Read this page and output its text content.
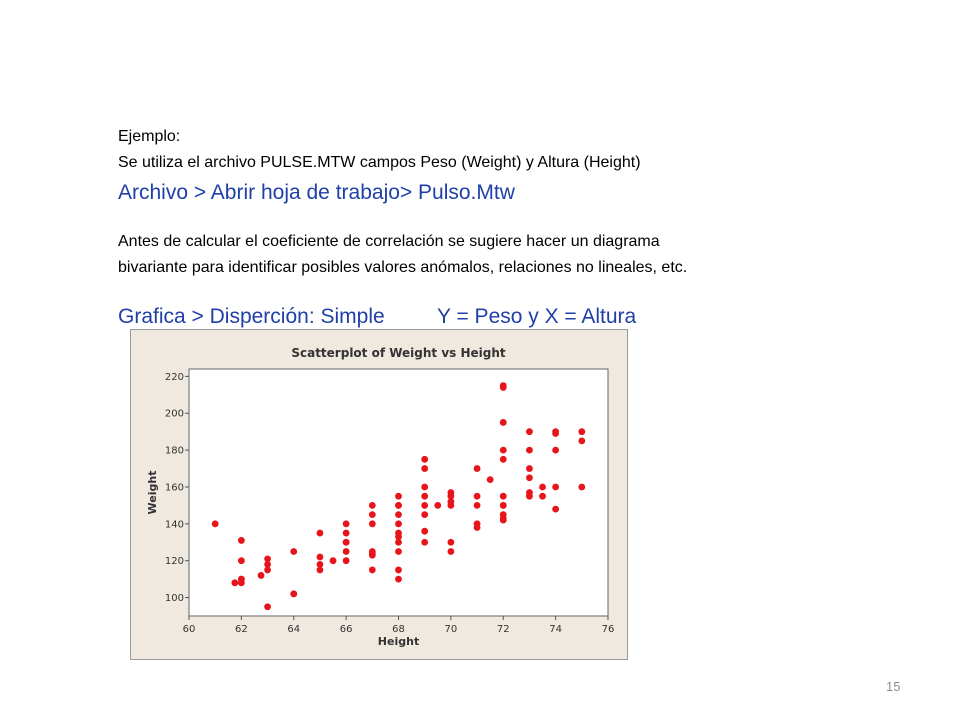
Ejemplo:
Se utiliza el archivo PULSE.MTW campos Peso (Weight) y Altura (Height)
Archivo > Abrir hoja de trabajo> Pulso.Mtw
Antes de calcular el coeficiente de correlación se sugiere hacer un diagrama
bivariante para identificar posibles valores anómalos, relaciones no lineales, etc.
Grafica > Disperción: Simple Y = Peso y X = Altura
Scatterplot of Weight vs Height
60	62	64	66	68	70	72	74	76
100
120
140
160
180
200
220
Height
Weight
15
